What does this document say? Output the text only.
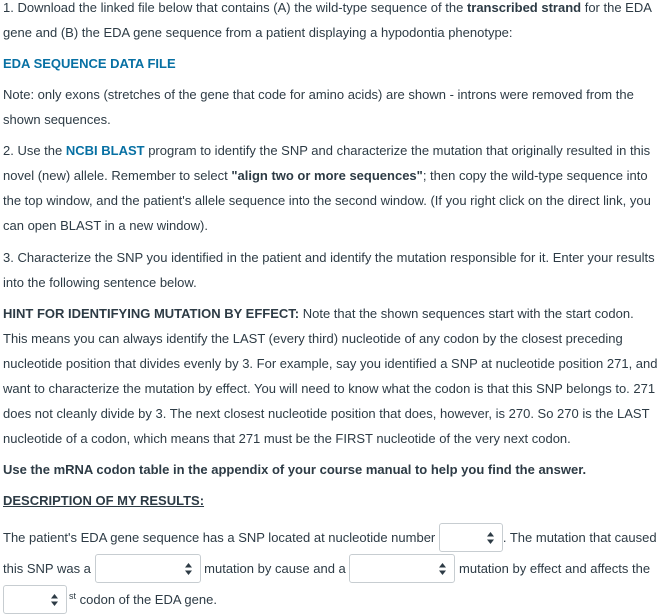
1. Download the linked file below that contains (A) the wild-type sequence of the transcribed strand for the EDA gene and (B) the EDA gene sequence from a patient displaying a hypodontia phenotype:

EDA SEQUENCE DATA FILE

Note: only exons (stretches of the gene that code for amino acids) are shown - introns were removed from the shown sequences.

2. Use the NCBI BLAST program to identify the SNP and characterize the mutation that originally resulted in this novel (new) allele. Remember to select "align two or more sequences"; then copy the wild-type sequence into the top window, and the patient's allele sequence into the second window. (If you right click on the direct link, you can open BLAST in a new window).

3. Characterize the SNP you identified in the patient and identify the mutation responsible for it. Enter your results into the following sentence below.

HINT FOR IDENTIFYING MUTATION BY EFFECT: Note that the shown sequences start with the start codon. This means you can always identify the LAST (every third) nucleotide of any codon by the closest preceding nucleotide position that divides evenly by 3. For example, say you identified a SNP at nucleotide position 271, and want to characterize the mutation by effect. You will need to know what the codon is that this SNP belongs to. 271 does not cleanly divide by 3. The next closest nucleotide position that does, however, is 270. So 270 is the LAST nucleotide of a codon, which means that 271 must be the FIRST nucleotide of the very next codon.

Use the mRNA codon table in the appendix of your course manual to help you find the answer.

DESCRIPTION OF MY RESULTS:

The patient's EDA gene sequence has a SNP located at nucleotide number	. The mutation that caused this SNP was a	mutation by cause and a	mutation by effect and affects the
$^{st}$ codon of the EDA gene.
